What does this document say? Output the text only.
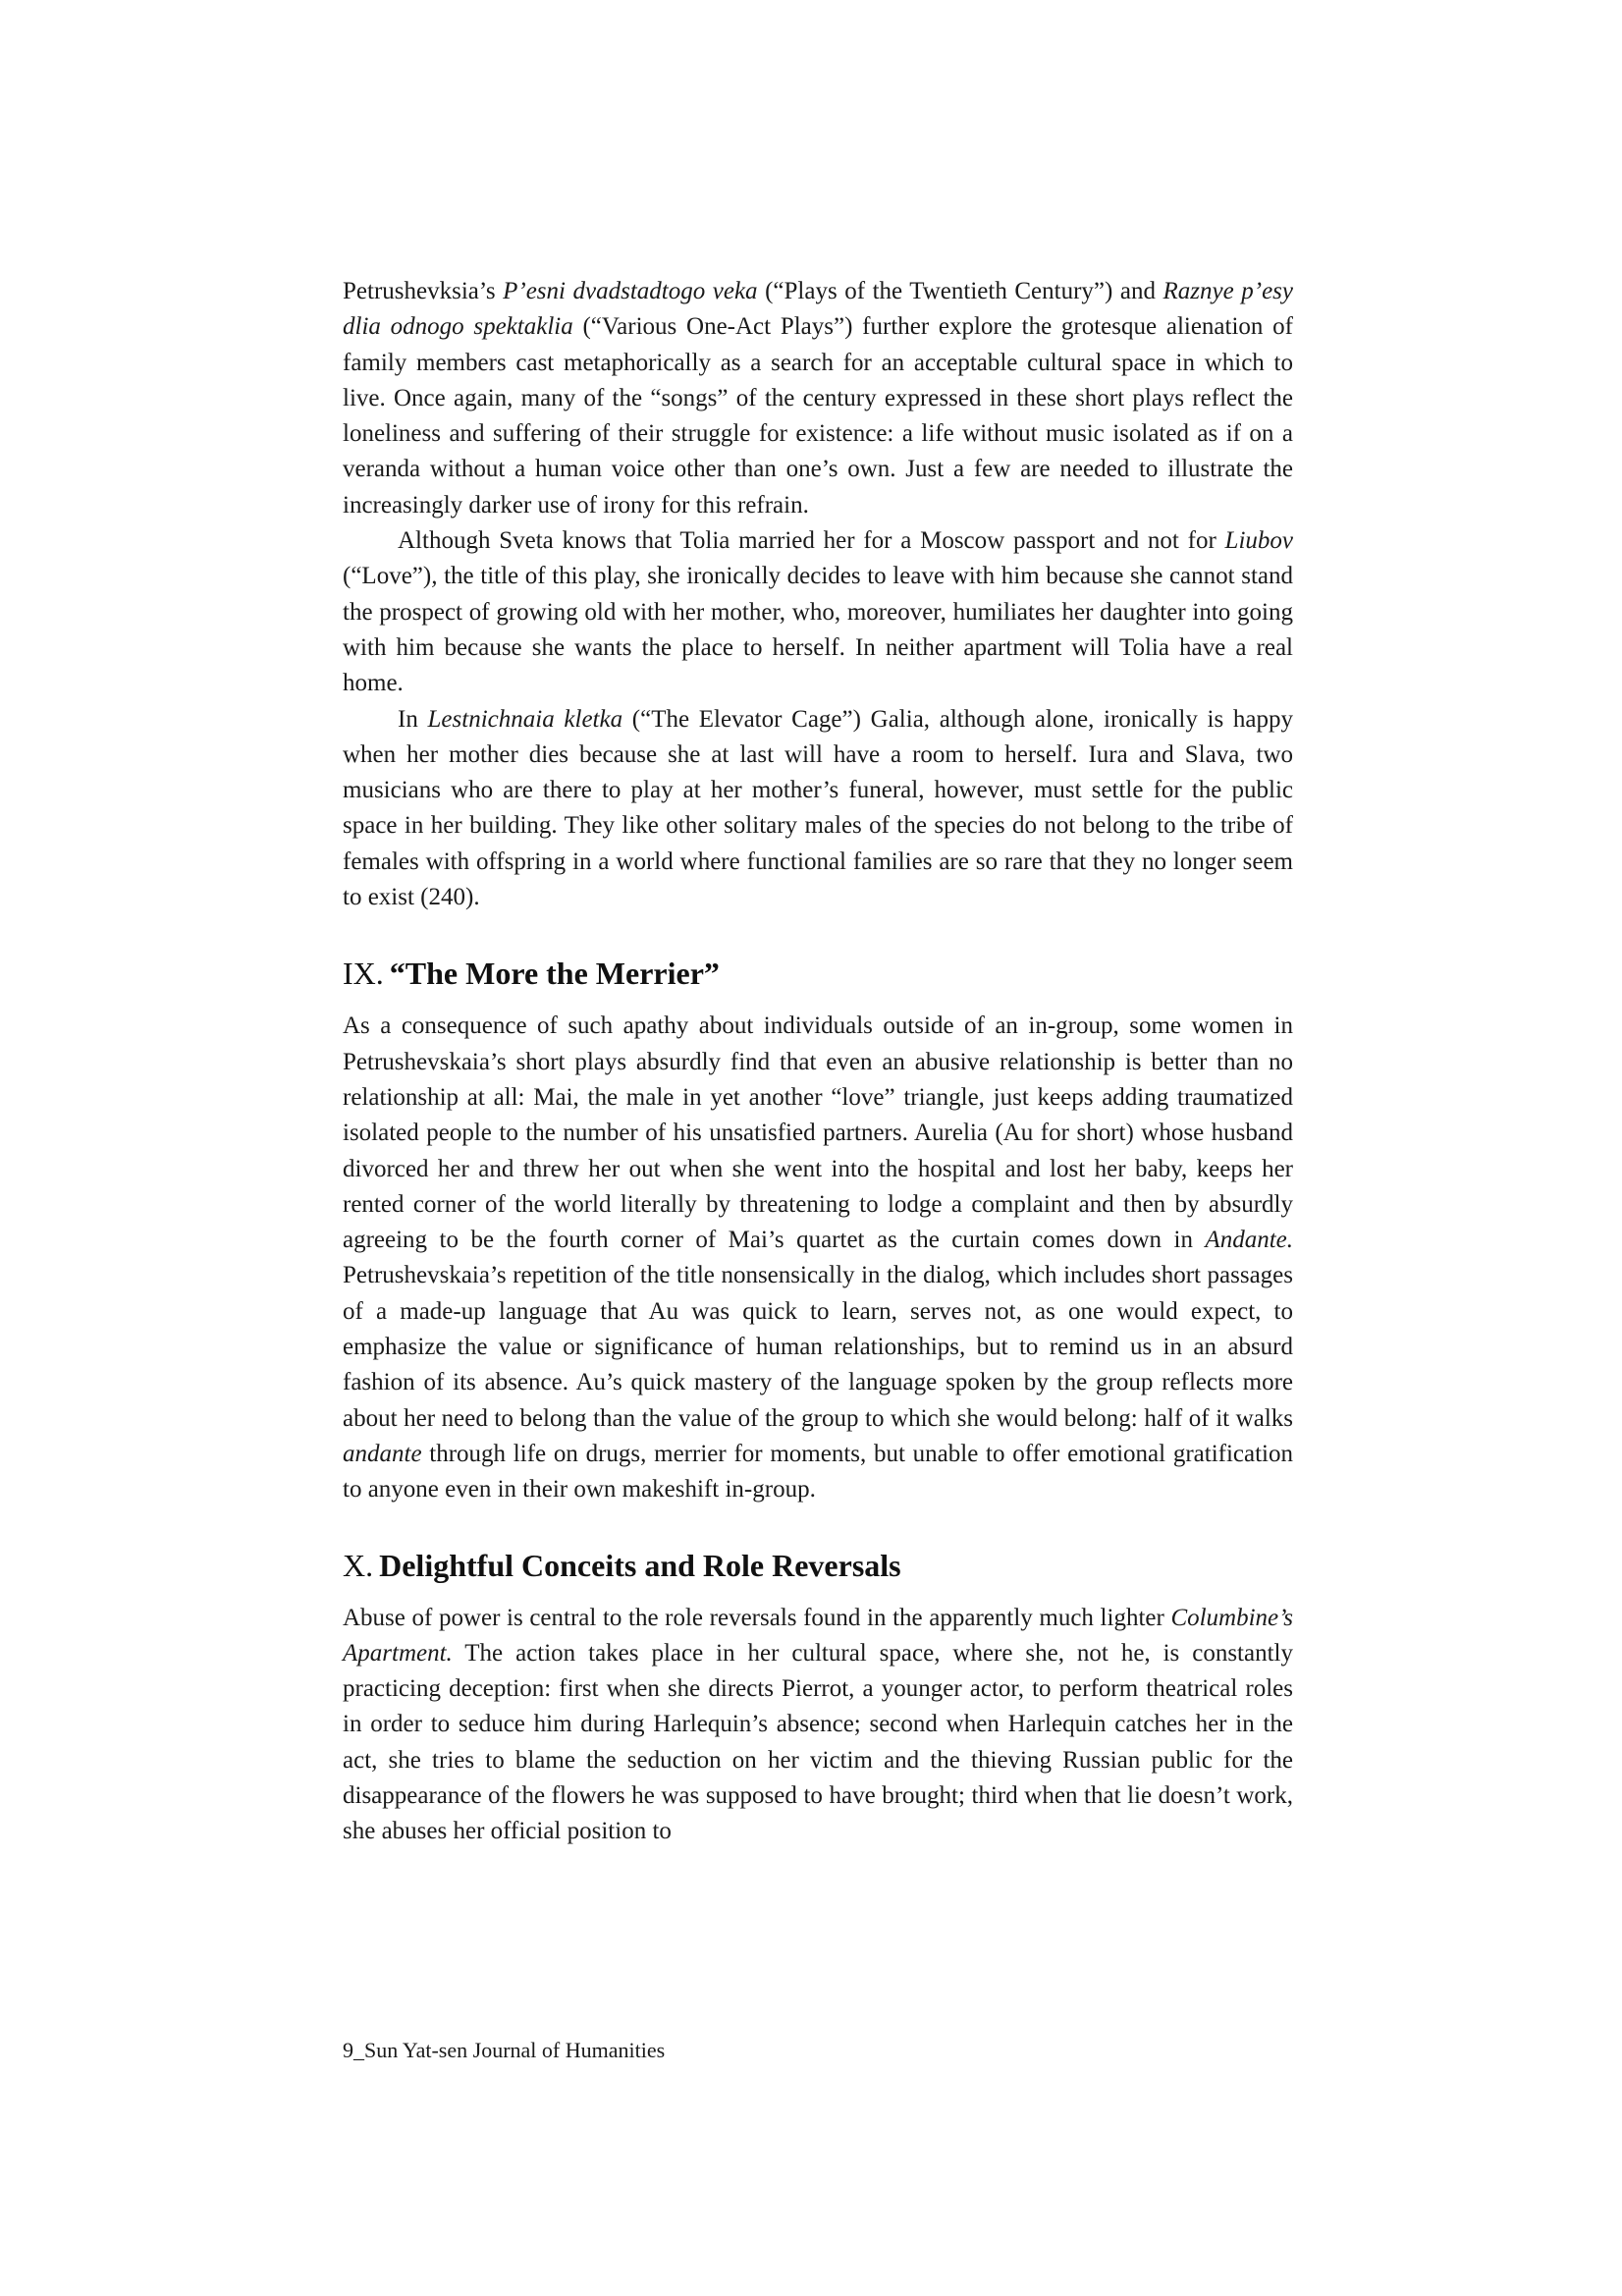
Petrushevksia’s P’esni dvadstadtogo veka (“Plays of the Twentieth Century”) and Raznye p’esy dlia odnogo spektaklia (“Various One-Act Plays”) further explore the grotesque alienation of family members cast metaphorically as a search for an acceptable cultural space in which to live. Once again, many of the “songs” of the century expressed in these short plays reflect the loneliness and suffering of their struggle for existence: a life without music isolated as if on a veranda without a human voice other than one’s own. Just a few are needed to illustrate the increasingly darker use of irony for this refrain.

Although Sveta knows that Tolia married her for a Moscow passport and not for Liubov (“Love”), the title of this play, she ironically decides to leave with him because she cannot stand the prospect of growing old with her mother, who, moreover, humiliates her daughter into going with him because she wants the place to herself. In neither apartment will Tolia have a real home.

In Lestnichnaia kletka (“The Elevator Cage”) Galia, although alone, ironically is happy when her mother dies because she at last will have a room to herself. Iura and Slava, two musicians who are there to play at her mother’s funeral, however, must settle for the public space in her building. They like other solitary males of the species do not belong to the tribe of females with offspring in a world where functional families are so rare that they no longer seem to exist (240).

IX. “The More the Merrier”

As a consequence of such apathy about individuals outside of an in-group, some women in Petrushevskaia’s short plays absurdly find that even an abusive relationship is better than no relationship at all: Mai, the male in yet another “love” triangle, just keeps adding traumatized isolated people to the number of his unsatisfied partners. Aurelia (Au for short) whose husband divorced her and threw her out when she went into the hospital and lost her baby, keeps her rented corner of the world literally by threatening to lodge a complaint and then by absurdly agreeing to be the fourth corner of Mai’s quartet as the curtain comes down in Andante. Petrushevskaia’s repetition of the title nonsensically in the dialog, which includes short passages of a made-up language that Au was quick to learn, serves not, as one would expect, to emphasize the value or significance of human relationships, but to remind us in an absurd fashion of its absence. Au’s quick mastery of the language spoken by the group reflects more about her need to belong than the value of the group to which she would belong: half of it walks andante through life on drugs, merrier for moments, but unable to offer emotional gratification to anyone even in their own makeshift in-group.

X. Delightful Conceits and Role Reversals

Abuse of power is central to the role reversals found in the apparently much lighter Columbine’s Apartment. The action takes place in her cultural space, where she, not he, is constantly practicing deception: first when she directs Pierrot, a younger actor, to perform theatrical roles in order to seduce him during Harlequin’s absence; second when Harlequin catches her in the act, she tries to blame the seduction on her victim and the thieving Russian public for the disappearance of the flowers he was supposed to have brought; third when that lie doesn’t work, she abuses her official position to

9_Sun Yat-sen Journal of Humanities
